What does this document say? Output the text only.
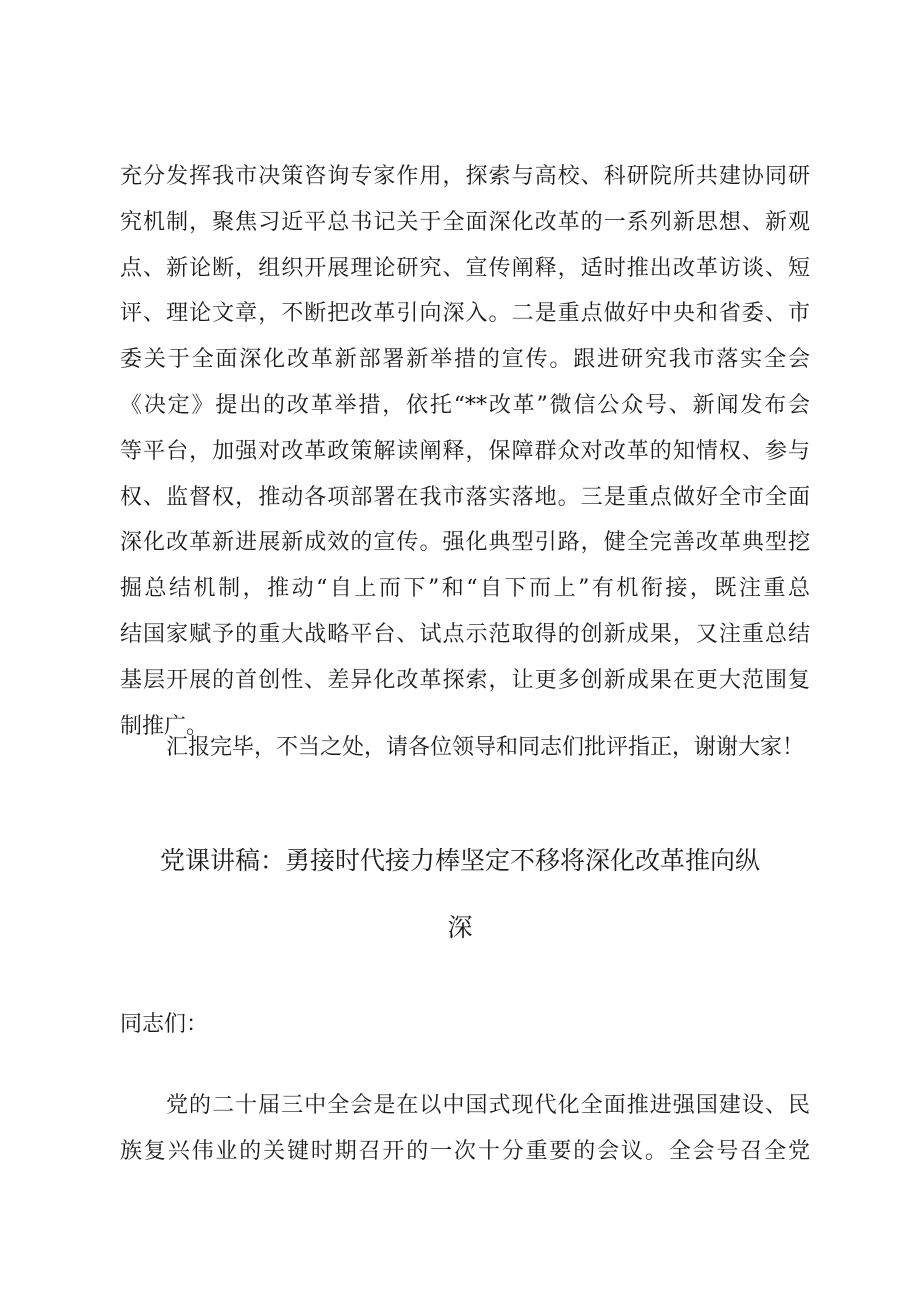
充分发挥我市决策咨询专家作用，探索与高校、科研院所共建协同研
究机制，聚焦习近平总书记关于全面深化改革的一系列新思想、新观
点、新论断，组织开展理论研究、宣传阐释，适时推出改革访谈、短
评、理论文章，不断把改革引向深入。二是重点做好中央和省委、市
委关于全面深化改革新部署新举措的宣传。跟进研究我市落实全会
《决定》提出的改革举措，依托“**改革”微信公众号、新闻发布会
等平台，加强对改革政策解读阐释，保障群众对改革的知情权、参与
权、监督权，推动各项部署在我市落实落地。三是重点做好全市全面
深化改革新进展新成效的宣传。强化典型引路，健全完善改革典型挖
掘总结机制，推动“自上而下”和“自下而上”有机衔接，既注重总
结国家赋予的重大战略平台、试点示范取得的创新成果，又注重总结
基层开展的首创性、差异化改革探索，让更多创新成果在更大范围复
制推广。
汇报完毕，不当之处，请各位领导和同志们批评指正，谢谢大家！
党课讲稿：勇接时代接力棒坚定不移将深化改革推向纵
深
同志们：
党的二十届三中全会是在以中国式现代化全面推进强国建设、民
族复兴伟业的关键时期召开的一次十分重要的会议。全会号召全党
